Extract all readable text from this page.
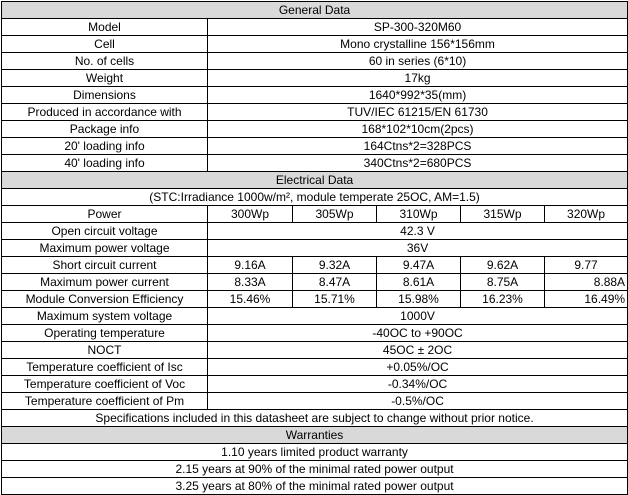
General Data					
Model	SP-300-320M60				
Cell	Mono crystalline 156*156mm				
No. of cells	60 in series (6*10)				
Weight	17kg				
Dimensions	1640*992*35(mm)				
Produced in accordance with	TUV/IEC 61215/EN 61730				
Package info	168*102*10cm(2pcs)				
20' loading info	164Ctns*2=328PCS				
40' loading info	340Ctns*2=680PCS				
Electrical Data					
(STC:Irradiance 1000w/m², module temperate 25OC, AM=1.5)					
Power	300Wp	305Wp	310Wp	315Wp	320Wp
Open circuit voltage	42.3 V				
Maximum power voltage	36V				
Short circuit current	9.16A	9.32A	9.47A	9.62A	9.77
Maximum power current	8.33A	8.47A	8.61A	8.75A	8.88A
Module Conversion Efficiency	15.46%	15.71%	15.98%	16.23%	16.49%
Maximum system voltage	1000V				
Operating temperature	-40OC to +90OC				
NOCT	45OC ± 2OC				
Temperature coefficient of Isc	+0.05%/OC				
Temperature coefficient of Voc	-0.34%/OC				
Temperature coefficient of Pm	-0.5%/OC				
Specifications included in this datasheet are subject to change without prior notice.					
Warranties					
1.10 years limited product warranty					
2.15 years at 90% of the minimal rated power output					
3.25 years at 80% of the minimal rated power output					
